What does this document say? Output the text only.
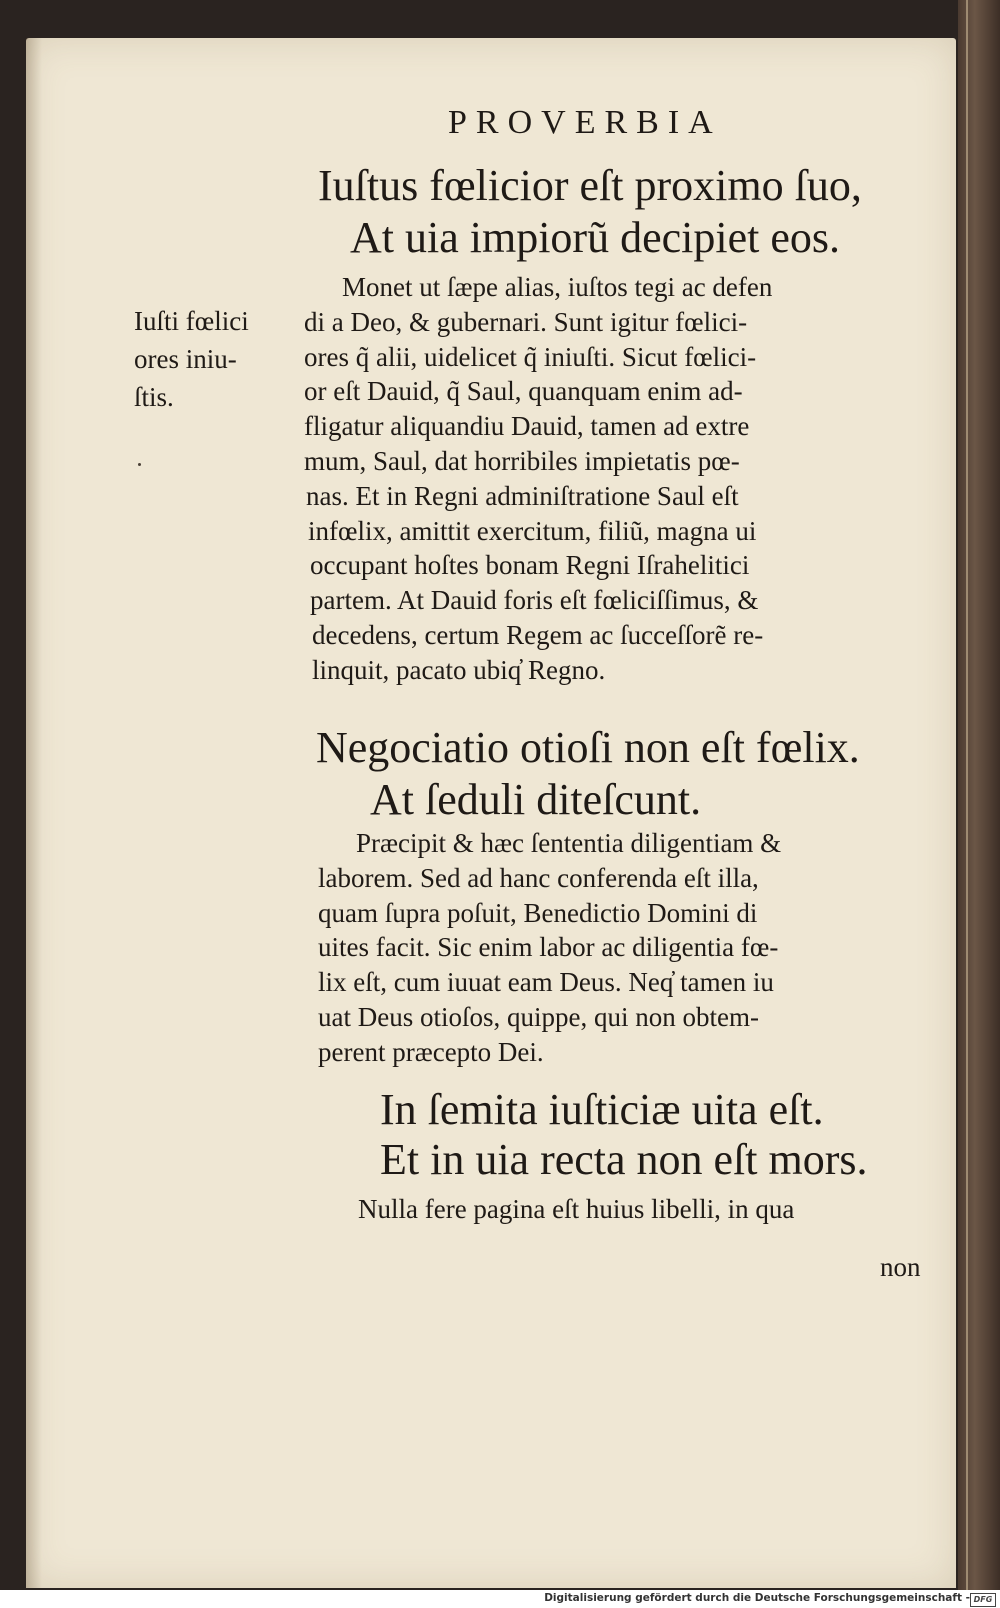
PROVERBIA
Iuſtus fœlicior eſt proximo ſuo,
At uia impiorũ decipiet eos.
Iuſti fœlici
ores iniu-
ſtis.
Monet ut ſæpe alias, iuſtos tegi ac defen
di a Deo, & gubernari. Sunt igitur fœlici-
ores q̃ alii, uidelicet q̃ iniuſti. Sicut fœlici-
or eſt Dauid, q̃ Saul, quanquam enim ad-
fligatur aliquandiu Dauid, tamen ad extre
mum, Saul, dat horribiles impietatis pœ-
nas. Et in Regni adminiſtratione Saul eſt
infœlix, amittit exercitum, filiũ, magna ui
occupant hoſtes bonam Regni Iſrahelitici
partem. At Dauid foris eſt fœliciſſimus, &
decedens, certum Regem ac ſucceſſorẽ re-
linquit, pacato ubiq̓ Regno.
Negociatio otioſi non eſt fœlix.
At ſeduli diteſcunt.
Præcipit & hæc ſententia diligentiam &
laborem. Sed ad hanc conferenda eſt illa,
quam ſupra poſuit, Benedictio Domini di
uites facit. Sic enim labor ac diligentia fœ-
lix eſt, cum iuuat eam Deus. Neq̓ tamen iu
uat Deus otioſos, quippe, qui non obtem-
perent præcepto Dei.
In ſemita iuſticiæ uita eſt.
Et in uia recta non eſt mors.
Nulla fere pagina eſt huius libelli, in qua
non
Digitalisierung gefördert durch die Deutsche Forschungsgemeinschaft - DFG
